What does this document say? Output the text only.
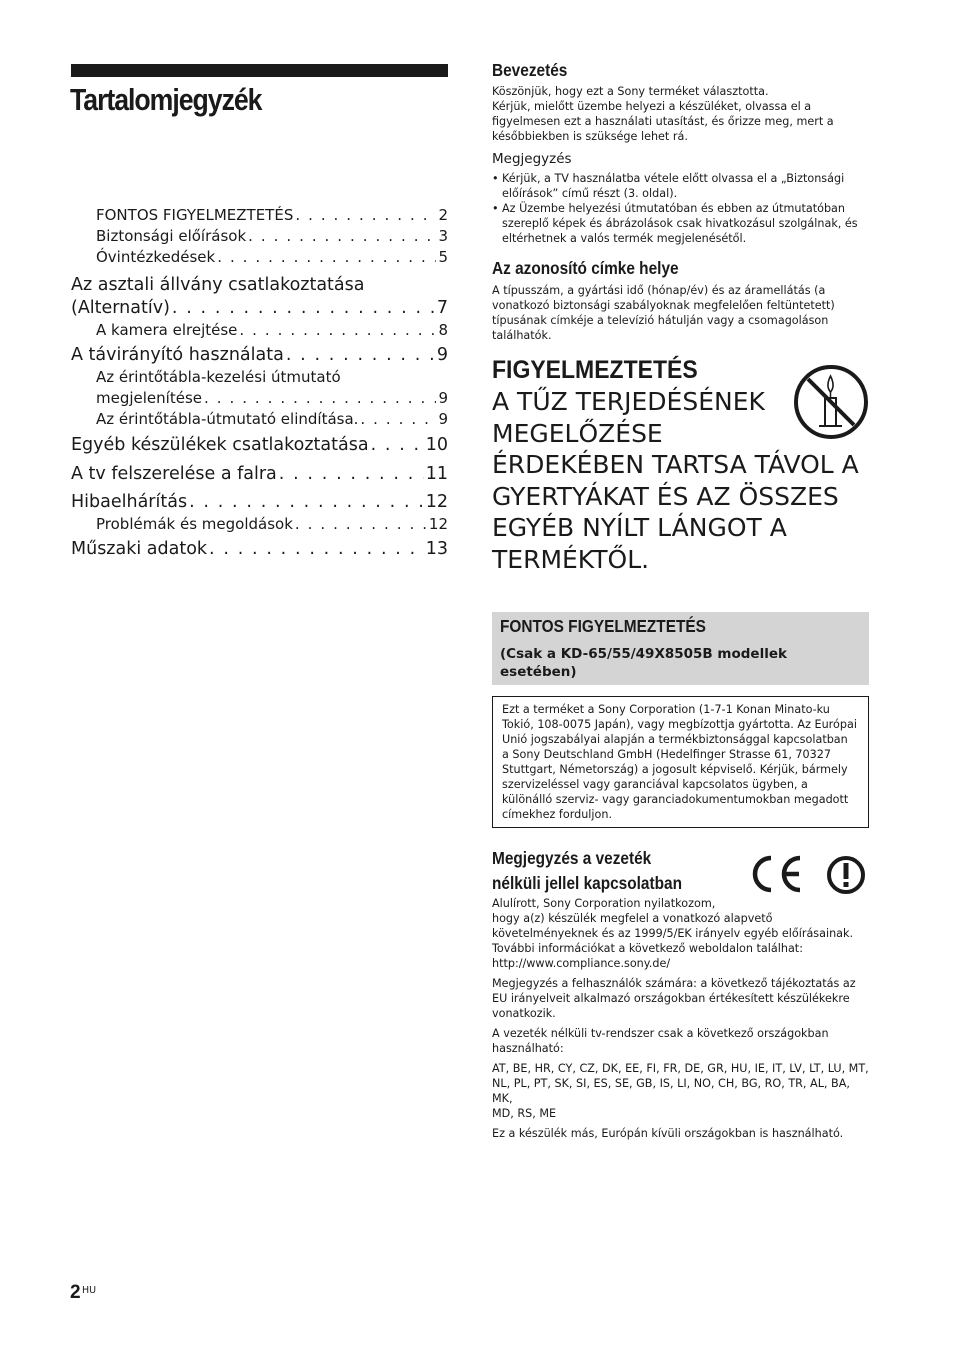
Tartalomjegyzék
FONTOS FIGYELMEZTETÉS . . .	2
Biztonsági előírások . . .	3
Óvintézkedések . . .	5
Az asztali állvány csatlakoztatása
(Alternatív) . . .	7
A kamera elrejtése . . .	8
A távirányító használata . . .	9
Az érintőtábla-kezelési útmutató
megjelenítése . . .	9
Az érintőtábla-útmutató elindítása. . . .	9
Egyéb készülékek csatlakoztatása . . .	10
A tv felszerelése a falra . . .	11
Hibaelhárítás . . .	12
Problémák és megoldások . . .	12
Műszaki adatok . . .	13
Bevezetés
Köszönjük, hogy ezt a Sony terméket választotta.
Kérjük, mielőtt üzembe helyezi a készüléket, olvassa el a
figyelmesen ezt a használati utasítást, és őrizze meg, mert a
későbbiekben is szüksége lehet rá.
Megjegyzés
• Kérjük, a TV használatba vétele előtt olvassa el a „Biztonsági
előírások” című részt (3. oldal).
• Az Üzembe helyezési útmutatóban és ebben az útmutatóban
szereplő képek és ábrázolások csak hivatkozásul szolgálnak, és
eltérhetnek a valós termék megjelenésétől.
Az azonosító címke helye
A típusszám, a gyártási idő (hónap/év) és az áramellátás (a
vonatkozó biztonsági szabályoknak megfelelően feltüntetett)
típusának címkéje a televízió hátulján vagy a csomagoláson
találhatók.
FIGYELMEZTETÉS
A TŰZ TERJEDÉSÉNEK
MEGELŐZÉSE
ÉRDEKÉBEN TARTSA TÁVOL A
GYERTYÁKAT ÉS AZ ÖSSZES
EGYÉB NYÍLT LÁNGOT A
TERMÉKTŐL.
FONTOS FIGYELMEZTETÉS
(Csak a KD-65/55/49X8505B modellek
esetében)
Ezt a terméket a Sony Corporation (1-7-1 Konan Minato-ku
Tokió, 108-0075 Japán), vagy megbízottja gyártotta. Az Európai
Unió jogszabályai alapján a termékbiztonsággal kapcsolatban
a Sony Deutschland GmbH (Hedelfinger Strasse 61, 70327
Stuttgart, Németország) a jogosult képviselő. Kérjük, bármely
szervizeléssel vagy garanciával kapcsolatos ügyben, a
különálló szerviz- vagy garanciadokumentumokban megadott
címekhez forduljon.
Megjegyzés a vezeték
nélküli jellel kapcsolatban
Alulírott, Sony Corporation nyilatkozom,
hogy a(z) készülék megfelel a vonatkozó alapvető
követelményeknek és az 1999/5/EK irányelv egyéb előírásainak.
További információkat a következő weboldalon találhat:
http://www.compliance.sony.de/
Megjegyzés a felhasználók számára: a következő tájékoztatás az
EU irányelveit alkalmazó országokban értékesített készülékekre
vonatkozik.
A vezeték nélküli tv-rendszer csak a következő országokban
használható:
AT, BE, HR, CY, CZ, DK, EE, FI, FR, DE, GR, HU, IE, IT, LV, LT, LU, MT,
NL, PL, PT, SK, SI, ES, SE, GB, IS, LI, NO, CH, BG, RO, TR, AL, BA, MK,
MD, RS, ME
Ez a készülék más, Európán kívüli országokban is használható.
2 HU
